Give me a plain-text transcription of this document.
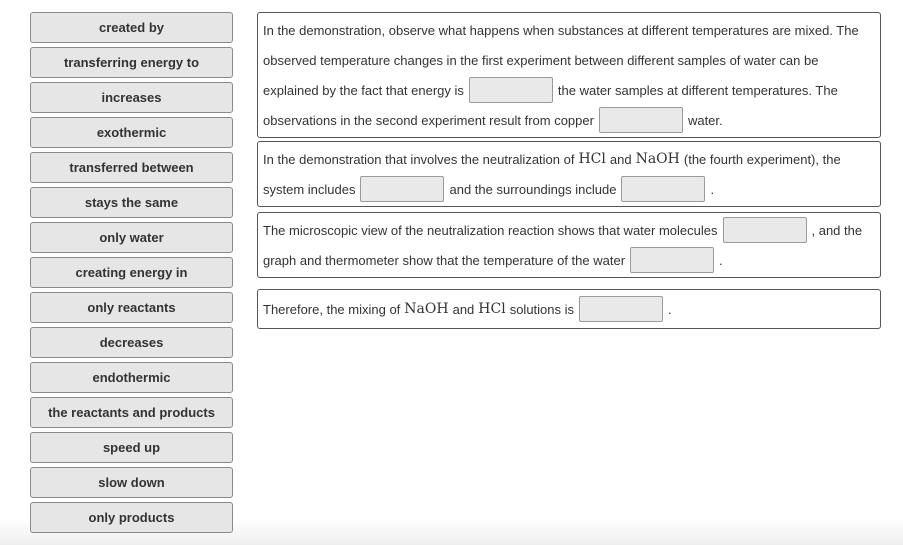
created by
transferring energy to
increases
exothermic
transferred between
stays the same
only water
creating energy in
only reactants
decreases
endothermic
the reactants and products
speed up
slow down
only products
In the demonstration, observe what happens when substances at different temperatures are mixed. The
observed temperature changes in the first experiment between different samples of water can be
explained by the fact that energy is	the water samples at different temperatures. The
observations in the second experiment result from copper	water.
In the demonstration that involves the neutralization of HCl and NaOH (the fourth experiment), the
system includes	and the surroundings include	.
The microscopic view of the neutralization reaction shows that water molecules	, and the
graph and thermometer show that the temperature of the water	.
Therefore, the mixing of NaOH and HCl solutions is	.
